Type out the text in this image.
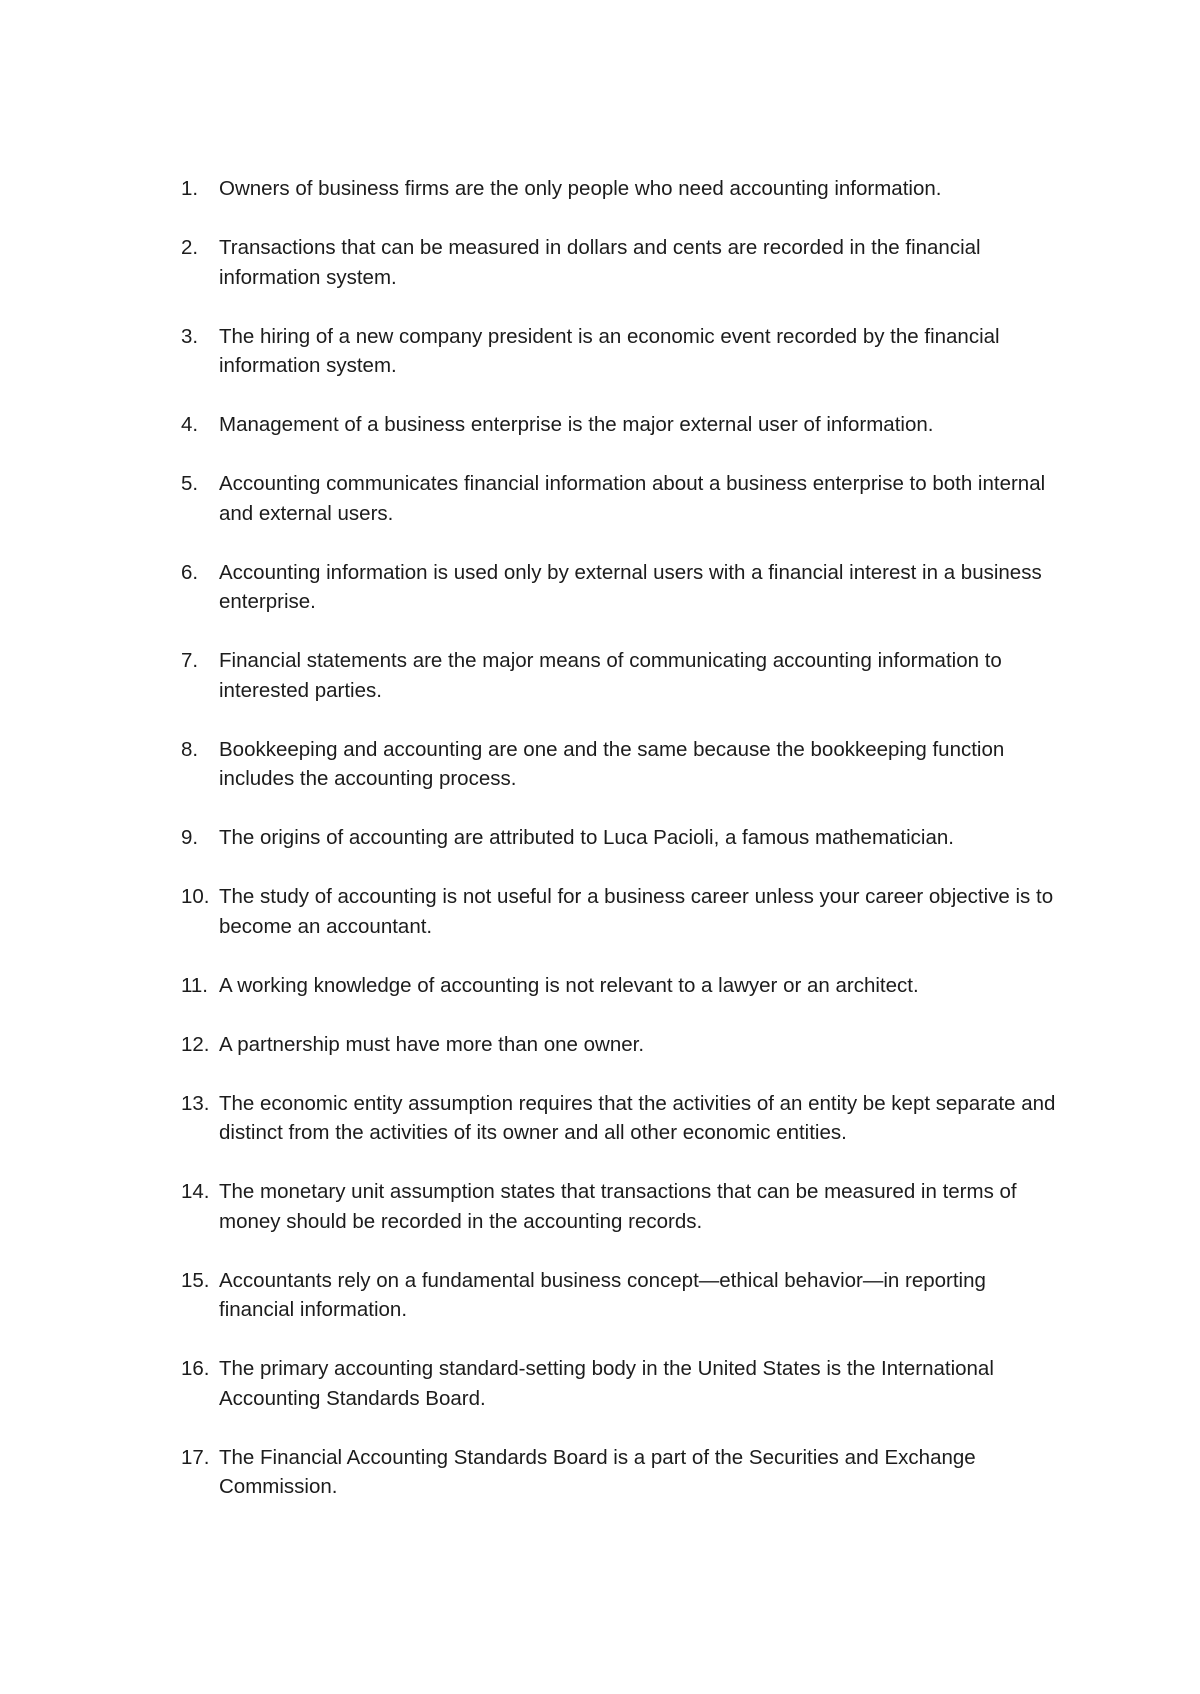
1.	Owners of business firms are the only people who need accounting information.
2.	Transactions that can be measured in dollars and cents are recorded in the financial information system.
3.	The hiring of a new company president is an economic event recorded by the financial information system.
4.	Management of a business enterprise is the major external user of information.
5.	Accounting communicates financial information about a business enterprise to both internal and external users.
6.	Accounting information is used only by external users with a financial interest in a business enterprise.
7.	Financial statements are the major means of communicating accounting information to interested parties.
8.	Bookkeeping and accounting are one and the same because the bookkeeping function includes the accounting process.
9.	The origins of accounting are attributed to Luca Pacioli, a famous mathematician.
10. The study of accounting is not useful for a business career unless your career objective is to become an accountant.
11. A working knowledge of accounting is not relevant to a lawyer or an architect.
12. A partnership must have more than one owner.
13. The economic entity assumption requires that the activities of an entity be kept separate and distinct from the activities of its owner and all other economic entities.
14. The monetary unit assumption states that transactions that can be measured in terms of money should be recorded in the accounting records.
15. Accountants rely on a fundamental business concept—ethical behavior—in reporting financial information.
16. The primary accounting standard-setting body in the United States is the International Accounting Standards Board.
17. The Financial Accounting Standards Board is a part of the Securities and Exchange Commission.
